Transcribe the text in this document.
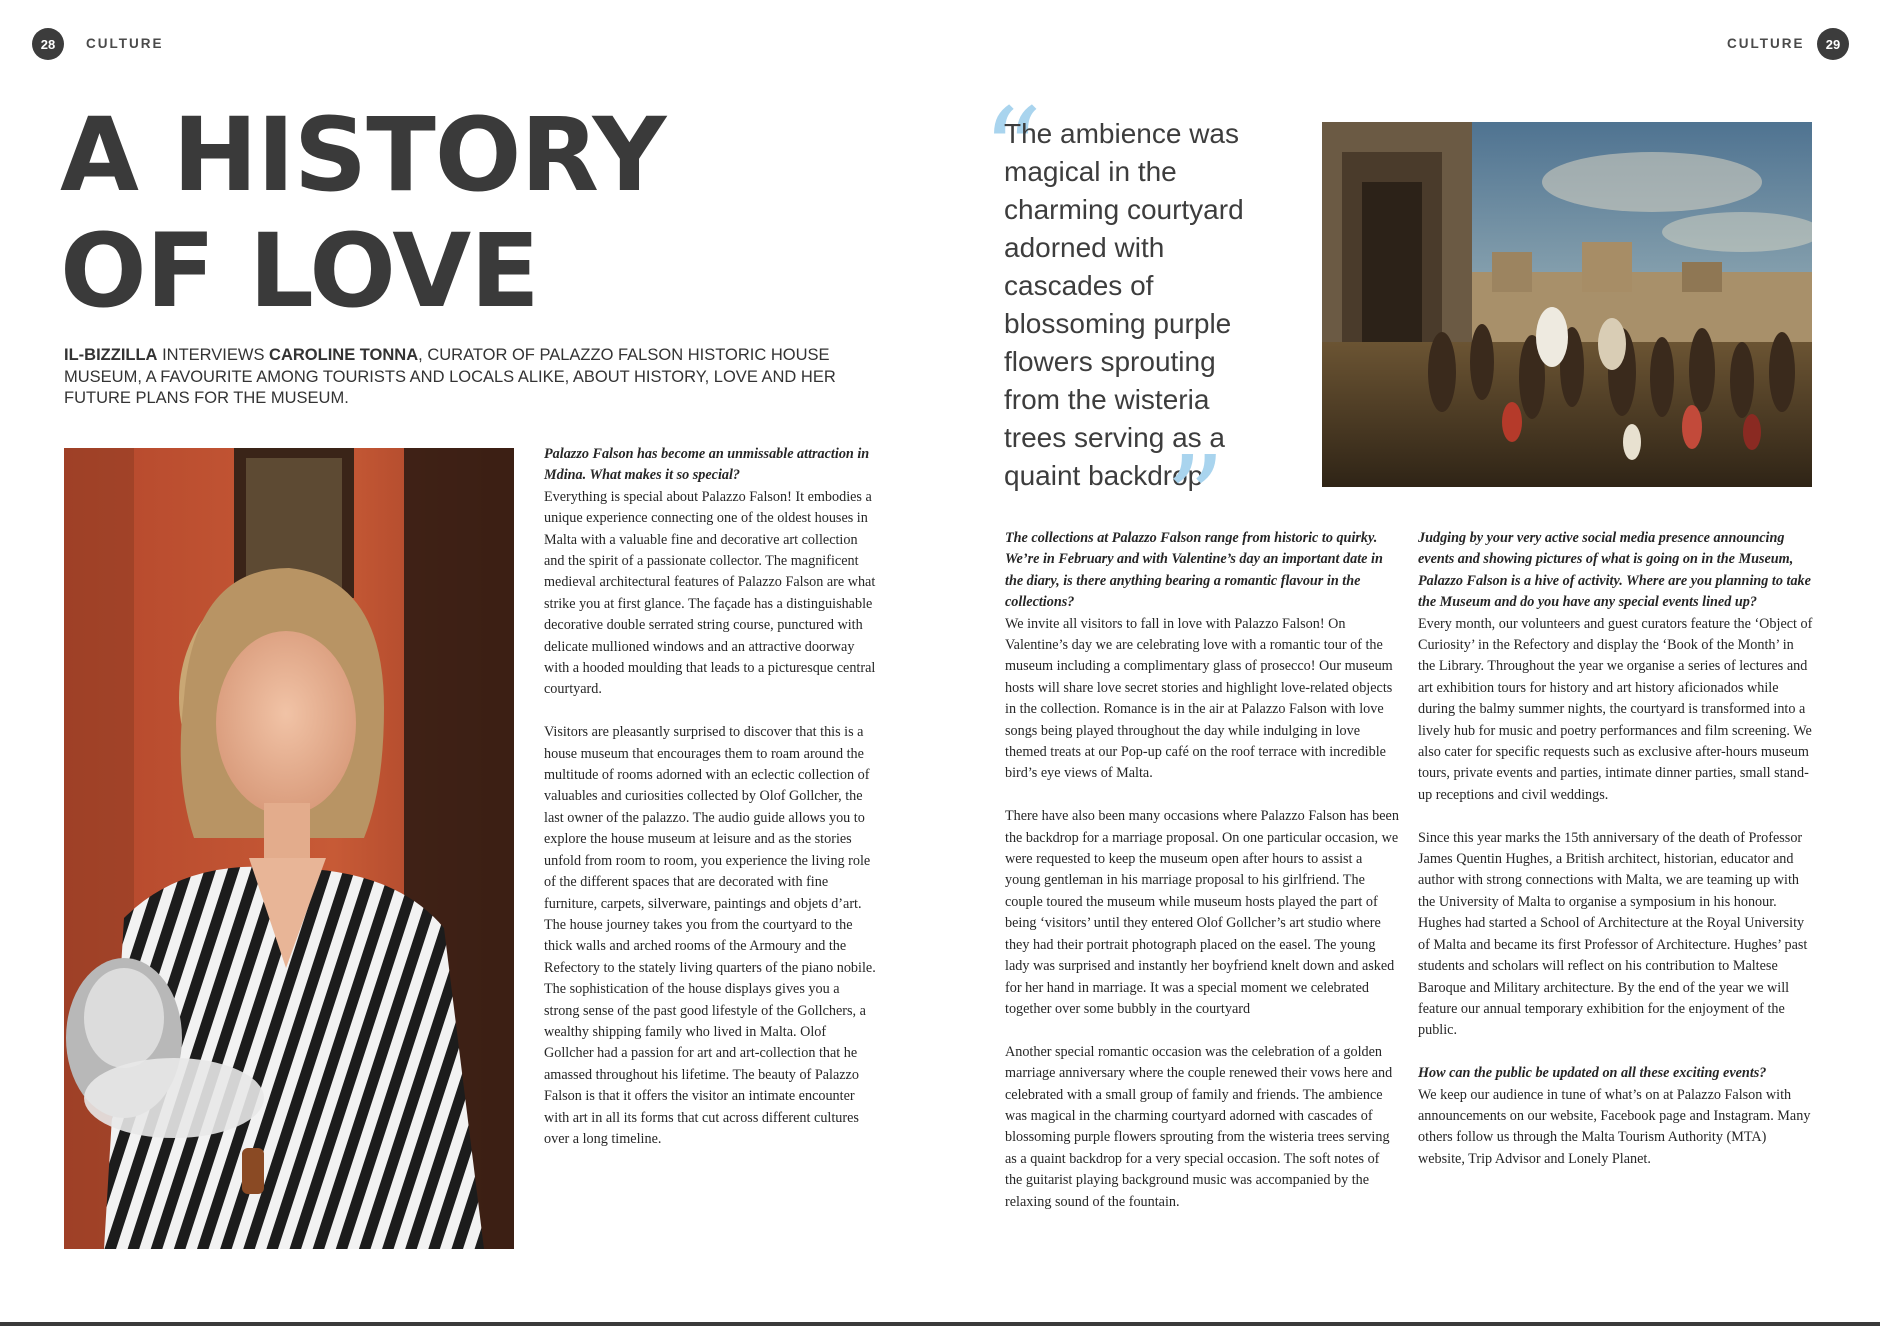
28 CULTURE	CULTURE 29
A HISTORY
OF LOVE

IL-BIZZILLA INTERVIEWS CAROLINE TONNA, CURATOR OF PALAZZO FALSON HISTORIC HOUSE MUSEUM, A FAVOURITE AMONG TOURISTS AND LOCALS ALIKE, ABOUT HISTORY, LOVE AND HER FUTURE PLANS FOR THE MUSEUM.

Palazzo Falson has become an unmissable attraction in Mdina. What makes it so special?
Everything is special about Palazzo Falson! It embodies a unique experience connecting one of the oldest houses in Malta with a valuable fine and decorative art collection and the spirit of a passionate collector. The magnificent medieval architectural features of Palazzo Falson are what strike you at first glance. The façade has a distinguishable decorative double serrated string course, punctured with delicate mullioned windows and an attractive doorway with a hooded moulding that leads to a picturesque central courtyard.

Visitors are pleasantly surprised to discover that this is a house museum that encourages them to roam around the multitude of rooms adorned with an eclectic collection of valuables and curiosities collected by Olof Gollcher, the last owner of the palazzo. The audio guide allows you to explore the house museum at leisure and as the stories unfold from room to room, you experience the living role of the different spaces that are decorated with fine furniture, carpets, silverware, paintings and objets d’art. The house journey takes you from the courtyard to the thick walls and arched rooms of the Armoury and the Refectory to the stately living quarters of the piano nobile. The sophistication of the house displays gives you a strong sense of the past good lifestyle of the Gollchers, a wealthy shipping family who lived in Malta. Olof Gollcher had a passion for art and art-collection that he amassed throughout his lifetime. The beauty of Palazzo Falson is that it offers the visitor an intimate encounter with art in all its forms that cut across different cultures over a long timeline.

“

The ambience was magical in the charming courtyard adorned with cascades of blossoming purple flowers sprouting from the wisteria trees serving as a quaint backdrop

”

The collections at Palazzo Falson range from historic to quirky. We’re in February and with Valentine’s day an important date in the diary, is there anything bearing a romantic flavour in the collections?
We invite all visitors to fall in love with Palazzo Falson! On Valentine’s day we are celebrating love with a romantic tour of the museum including a complimentary glass of prosecco! Our museum hosts will share love secret stories and highlight love-related objects in the collection. Romance is in the air at Palazzo Falson with love songs being played throughout the day while indulging in love themed treats at our Pop-up café on the roof terrace with incredible bird’s eye views of Malta.

There have also been many occasions where Palazzo Falson has been the backdrop for a marriage proposal. On one particular occasion, we were requested to keep the museum open after hours to assist a young gentleman in his marriage proposal to his girlfriend. The couple toured the museum while museum hosts played the part of being ‘visitors’ until they entered Olof Gollcher’s art studio where they had their portrait photograph placed on the easel. The young lady was surprised and instantly her boyfriend knelt down and asked for her hand in marriage. It was a special moment we celebrated together over some bubbly in the courtyard

Another special romantic occasion was the celebration of a golden marriage anniversary where the couple renewed their vows here and celebrated with a small group of family and friends. The ambience was magical in the charming courtyard adorned with cascades of blossoming purple flowers sprouting from the wisteria trees serving as a quaint backdrop for a very special occasion. The soft notes of the guitarist playing background music was accompanied by the relaxing sound of the fountain.

Judging by your very active social media presence announcing events and showing pictures of what is going on in the Museum, Palazzo Falson is a hive of activity. Where are you planning to take the Museum and do you have any special events lined up?
Every month, our volunteers and guest curators feature the ‘Object of Curiosity’ in the Refectory and display the ‘Book of the Month’ in the Library. Throughout the year we organise a series of lectures and art exhibition tours for history and art history aficionados while during the balmy summer nights, the courtyard is transformed into a lively hub for music and poetry performances and film screening. We also cater for specific requests such as exclusive after-hours museum tours, private events and parties, intimate dinner parties, small stand-up receptions and civil weddings.

Since this year marks the 15th anniversary of the death of Professor James Quentin Hughes, a British architect, historian, educator and author with strong connections with Malta, we are teaming up with the University of Malta to organise a symposium in his honour. Hughes had started a School of Architecture at the Royal University of Malta and became its first Professor of Architecture. Hughes’ past students and scholars will reflect on his contribution to Maltese Baroque and Military architecture. By the end of the year we will feature our annual temporary exhibition for the enjoyment of the public.

How can the public be updated on all these exciting events?
We keep our audience in tune of what’s on at Palazzo Falson with announcements on our website, Facebook page and Instagram. Many others follow us through the Malta Tourism Authority (MTA) website, Trip Advisor and Lonely Planet.
